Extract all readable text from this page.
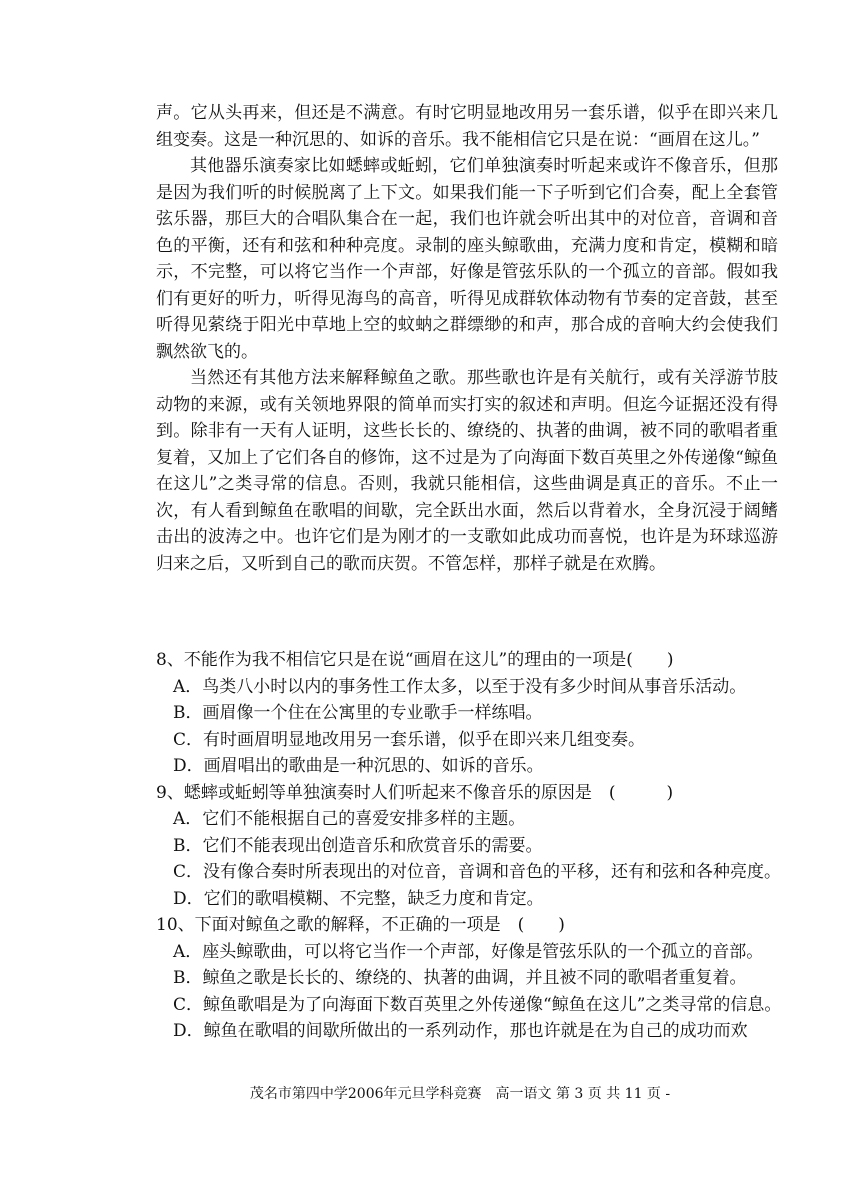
声。它从头再来，但还是不满意。有时它明显地改用另一套乐谱，似乎在即兴来几组变奏。这是一种沉思的、如诉的音乐。我不能相信它只是在说：“画眉在这儿。”

其他器乐演奏家比如蟋蟀或蚯蚓，它们单独演奏时听起来或许不像音乐，但那是因为我们听的时候脱离了上下文。如果我们能一下子听到它们合奏，配上全套管弦乐器，那巨大的合唱队集合在一起，我们也许就会听出其中的对位音，音调和音色的平衡，还有和弦和种种亮度。录制的座头鲸歌曲，充满力度和肯定，模糊和暗示，不完整，可以将它当作一个声部，好像是管弦乐队的一个孤立的音部。假如我们有更好的听力，听得见海鸟的高音，听得见成群软体动物有节奏的定音鼓，甚至听得见萦绕于阳光中草地上空的蚊蚋之群缥缈的和声，那合成的音响大约会使我们飘然欲飞的。

当然还有其他方法来解释鲸鱼之歌。那些歌也许是有关航行，或有关浮游节肢动物的来源，或有关领地界限的简单而实打实的叙述和声明。但迄今证据还没有得到。除非有一天有人证明，这些长长的、缭绕的、执著的曲调，被不同的歌唱者重复着，又加上了它们各自的修饰，这不过是为了向海面下数百英里之外传递像“鲸鱼在这儿”之类寻常的信息。否则，我就只能相信，这些曲调是真正的音乐。不止一次，有人看到鲸鱼在歌唱的间歇，完全跃出水面，然后以背着水，全身沉浸于阔鳍击出的波涛之中。也许它们是为刚才的一支歌如此成功而喜悦，也许是为环球巡游归来之后，又听到自己的歌而庆贺。不管怎样，那样子就是在欢腾。

8、不能作为我不相信它只是在说“画眉在这儿”的理由的一项是(　　)

A．鸟类八小时以内的事务性工作太多，以至于没有多少时间从事音乐活动。

B．画眉像一个住在公寓里的专业歌手一样练唱。

C．有时画眉明显地改用另一套乐谱，似乎在即兴来几组变奏。

D．画眉唱出的歌曲是一种沉思的、如诉的音乐。

9、蟋蟀或蚯蚓等单独演奏时人们听起来不像音乐的原因是　(　　　)

A．它们不能根据自己的喜爱安排多样的主题。

B．它们不能表现出创造音乐和欣赏音乐的需要。

C．没有像合奏时所表现出的对位音，音调和音色的平移，还有和弦和各种亮度。

D．它们的歌唱模糊、不完整，缺乏力度和肯定。

10、下面对鲸鱼之歌的解释，不正确的一项是　(　　)

A．座头鲸歌曲，可以将它当作一个声部，好像是管弦乐队的一个孤立的音部。

B．鲸鱼之歌是长长的、缭绕的、执著的曲调，并且被不同的歌唱者重复着。

C．鲸鱼歌唱是为了向海面下数百英里之外传递像“鲸鱼在这儿”之类寻常的信息。

D．鲸鱼在歌唱的间歇所做出的一系列动作，那也许就是在为自己的成功而欢

茂名市第四中学2006年元旦学科竞赛　高一语文 第 3 页 共 11 页 -
